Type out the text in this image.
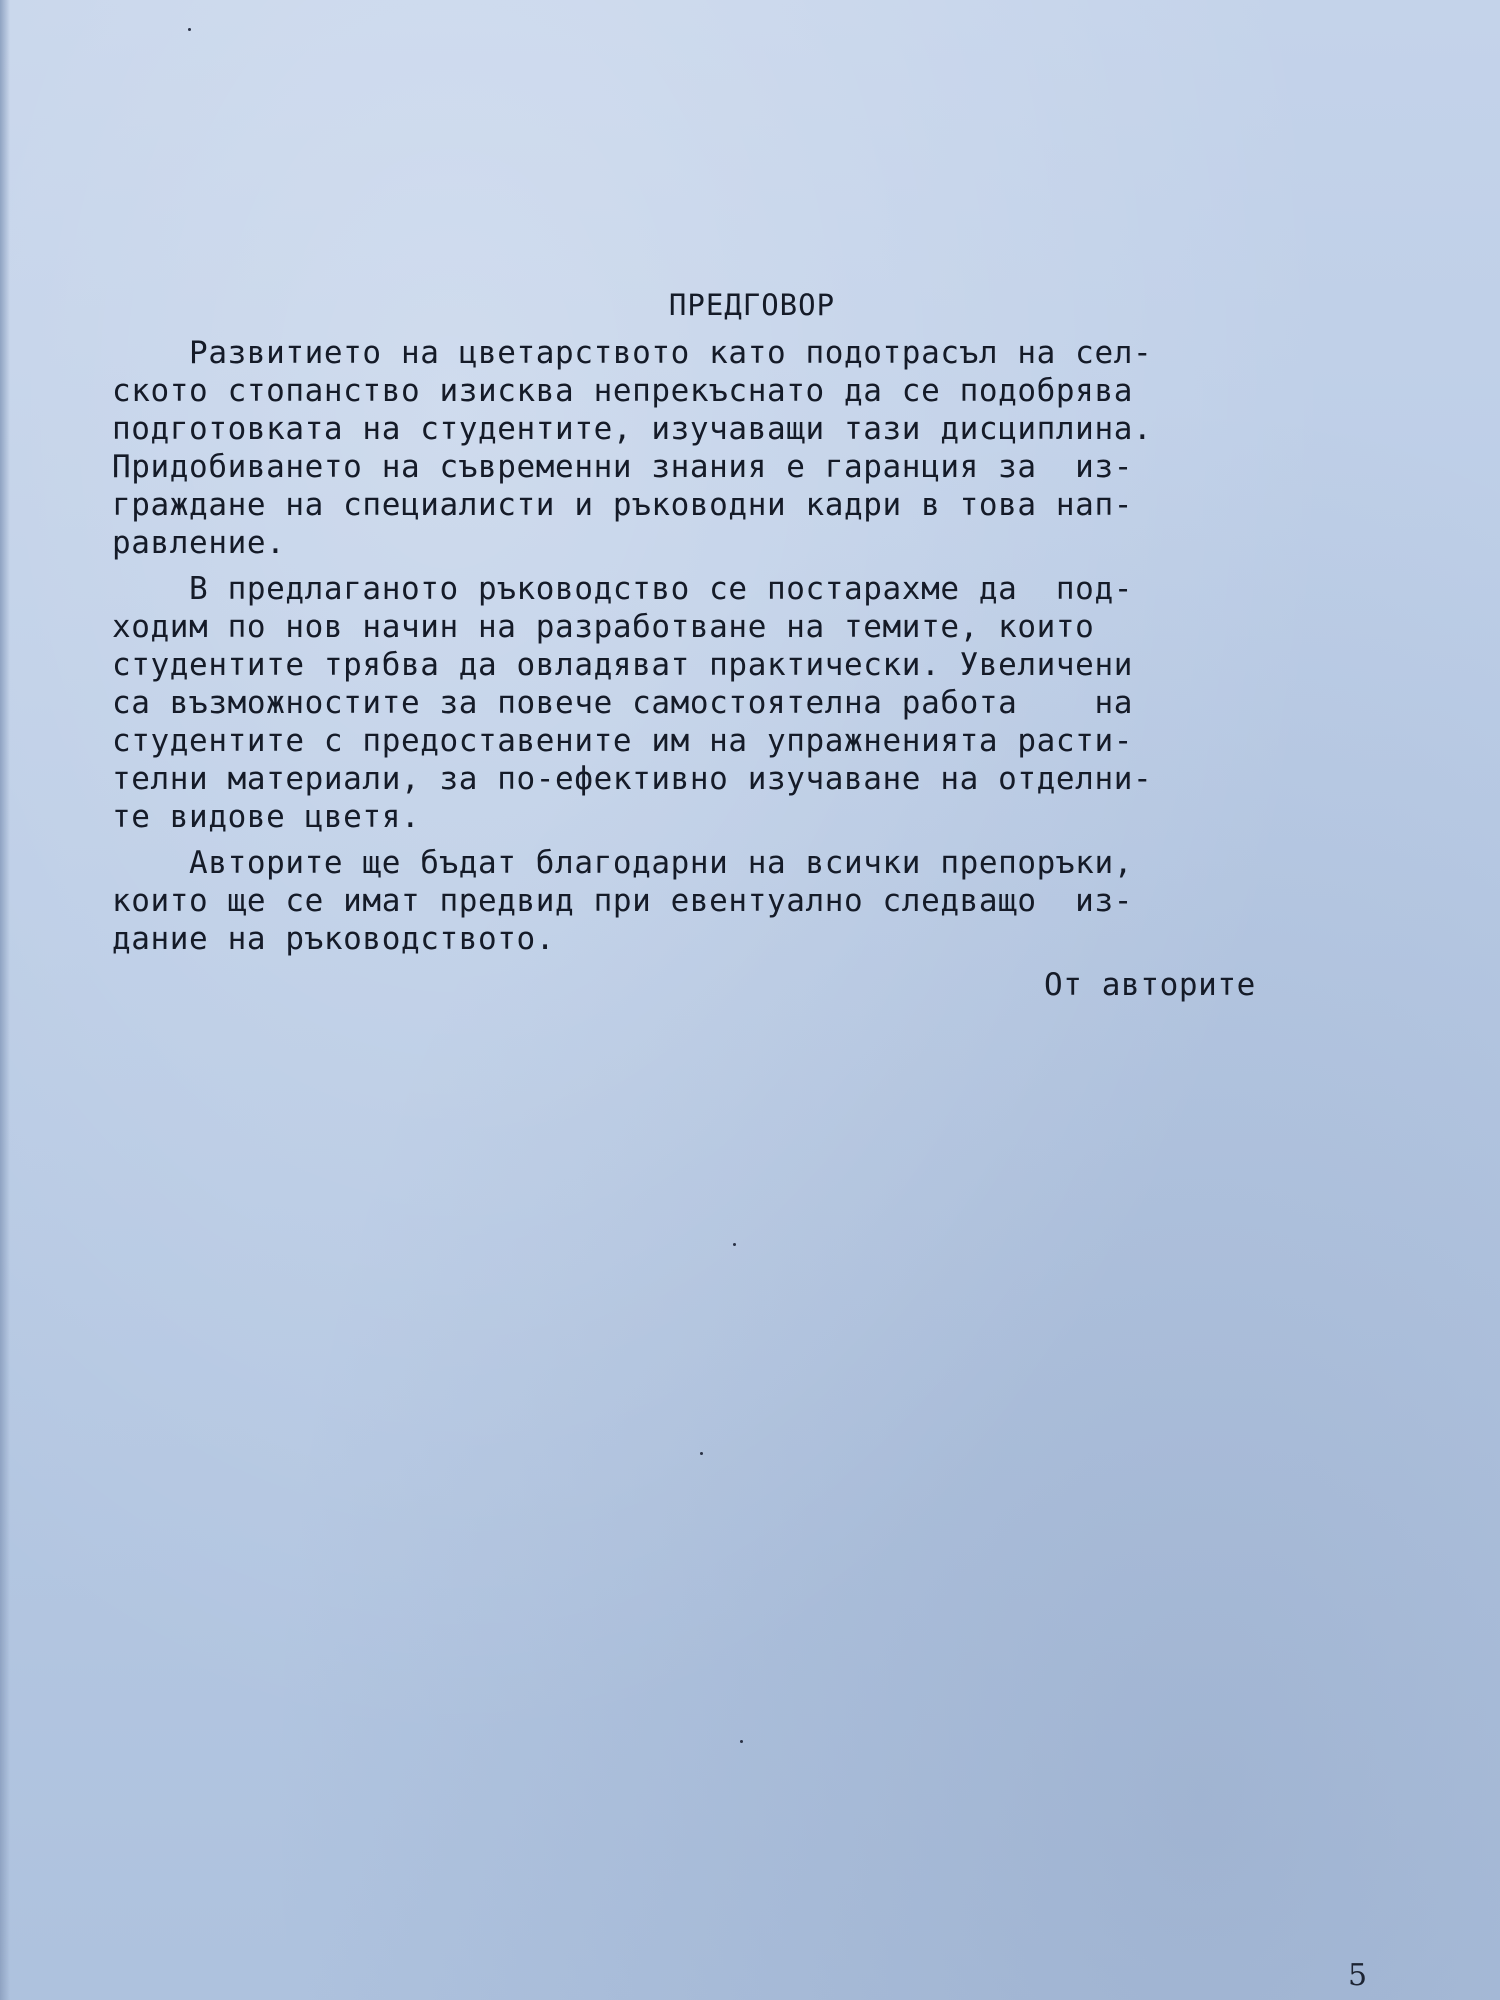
ПРЕДГОВОР
Развитието на цветарството като подотрасъл на сел-
ското стопанство изисква непрекъснато да се подобрява
подготовката на студентите, изучаващи тази дисциплина.
Придобиването на съвременни знания е гаранция за  из-
граждане на специалисти и ръководни кадри в това нап-
равление.
В предлаганото ръководство се постарахме да  под-
ходим по нов начин на разработване на темите, които
студентите трябва да овладяват практически. Увеличени
са възможностите за повече самостоятелна работа    на
студентите с предоставените им на упражненията расти-
телни материали, за по-ефективно изучаване на отделни-
те видове цветя.
Авторите ще бъдат благодарни на всички препоръки,
които ще се имат предвид при евентуално следващо  из-
дание на ръководството.
От авторите
5
